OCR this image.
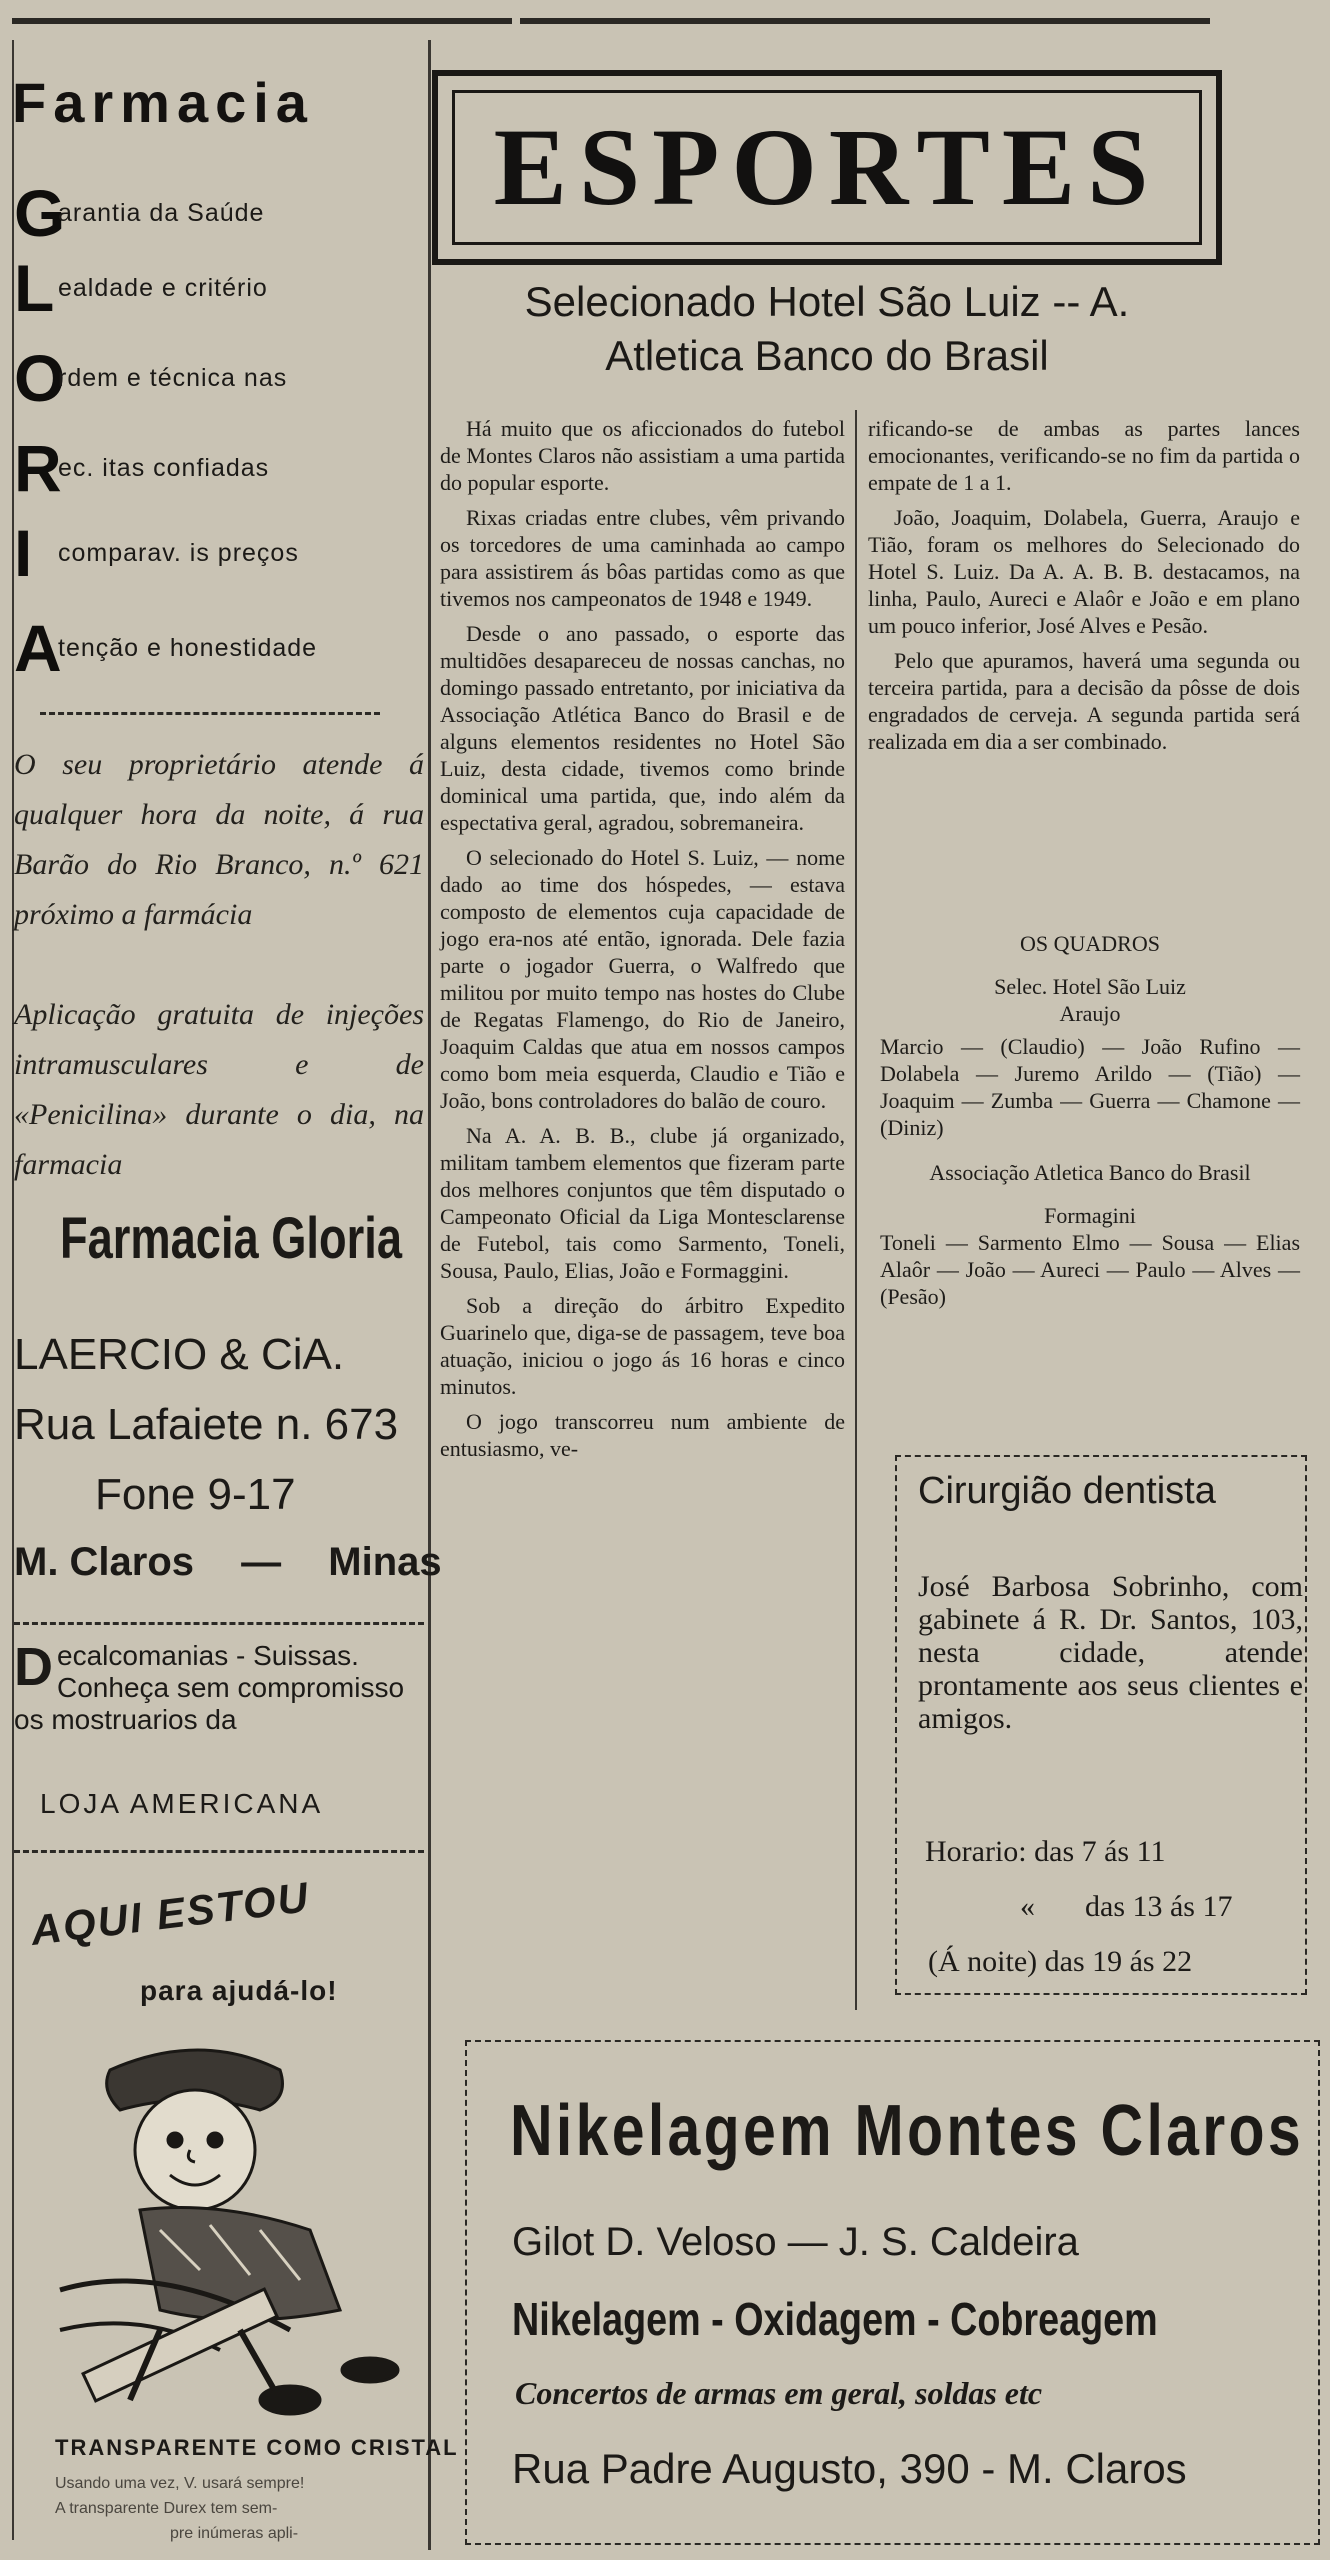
Farmacia
Garantia da Saúde
L ealdade e critério
Ordem e técnica nas
Rec. itas confiadas
I comparav. is preços
Atenção e honestidade
O seu proprietário atende á qualquer hora da noite, á rua Barão do Rio Branco, n.º 621 próximo a farmácia
Aplicação gratuita de injeções intramusculares e de «Penicilina» durante o dia, na farmacia
Farmacia Gloria
LAERCIO & CiA.
Rua Lafaiete n. 673
Fone 9-17
M. Claros — Minas
Decalcomanias - Suissas. Conheça sem compromisso os mostruarios da
LOJA AMERICANA
AQUI ESTOU
para ajudá-lo!
TRANSPARENTE COMO CRISTAL
Usando uma vez, V. usará sempre!
A transparente Durex tem sem-
pre inúmeras apli-
ESPORTES
Selecionado Hotel São Luiz -- A.
Atletica Banco do Brasil

Há muito que os aficcionados do futebol de Montes Claros não assistiam a uma partida do popular esporte.

Rixas criadas entre clubes, vêm privando os torcedores de uma caminhada ao campo para assistirem ás bôas partidas como as que tivemos nos campeonatos de 1948 e 1949.

Desde o ano passado, o esporte das multidões desapareceu de nossas canchas, no domingo passado entretanto, por iniciativa da Associação Atlética Banco do Brasil e de alguns elementos residentes no Hotel São Luiz, desta cidade, tivemos como brinde dominical uma partida, que, indo além da espectativa geral, agradou, sobremaneira.

O selecionado do Hotel S. Luiz, — nome dado ao time dos hóspedes, — estava composto de elementos cuja capacidade de jogo era-nos até então, ignorada. Dele fazia parte o jogador Guerra, o Walfredo que militou por muito tempo nas hostes do Clube de Regatas Flamengo, do Rio de Janeiro, Joaquim Caldas que atua em nossos campos como bom meia esquerda, Claudio e Tião e João, bons controladores do balão de couro.

Na A. A. B. B., clube já organizado, militam tambem elementos que fizeram parte dos melhores conjuntos que têm disputado o Campeonato Oficial da Liga Montesclarense de Futebol, tais como Sarmento, Toneli, Sousa, Paulo, Elias, João e Formaggini.

Sob a direção do árbitro Expedito Guarinelo que, diga-se de passagem, teve boa atuação, iniciou o jogo ás 16 horas e cinco minutos.

O jogo transcorreu num ambiente de entusiasmo, ve-

rificando-se de ambas as partes lances emocionantes, verificando-se no fim da partida o empate de 1 a 1.

João, Joaquim, Dolabela, Guerra, Araujo e Tião, foram os melhores do Selecionado do Hotel S. Luiz. Da A. A. B. B. destacamos, na linha, Paulo, Aureci e Alaôr e João e em plano um pouco inferior, José Alves e Pesão.

Pelo que apuramos, haverá uma segunda ou terceira partida, para a decisão da pôsse de dois engradados de cerveja. A segunda partida será realizada em dia a ser combinado.

OS QUADROS
Selec. Hotel São Luiz
Araujo
Marcio — (Claudio) — João Rufino — Dolabela — Juremo Arildo — (Tião) — Joaquim — Zumba — Guerra — Chamone — (Diniz)
Associação Atletica Banco do Brasil
Formagini
Toneli — Sarmento Elmo — Sousa — Elias Alaôr — João — Aureci — Paulo — Alves — (Pesão)
Cirurgião dentista
José Barbosa Sobrinho, com gabinete á R. Dr. Santos, 103, nesta cidade, atende prontamente aos seus clientes e amigos.
Horario: das 7 ás 11
« das 13 ás 17
(Á noite) das 19 ás 22
Nikelagem Montes Claros
Gilot D. Veloso — J. S. Caldeira
Nikelagem - Oxidagem - Cobreagem
Concertos de armas em geral, soldas etc
Rua Padre Augusto, 390 - M. Claros
